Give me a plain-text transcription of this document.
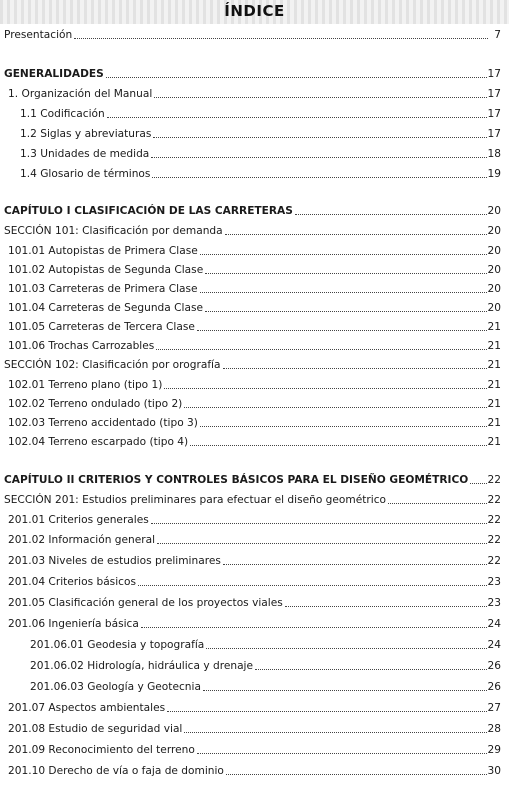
ÍNDICE
Presentación	7
GENERALIDADES	17
1. Organización del Manual	17
1.1 Codificación	17
1.2 Siglas y abreviaturas	17
1.3 Unidades de medida	18
1.4 Glosario de términos	19
CAPÍTULO I CLASIFICACIÓN DE LAS CARRETERAS	20
SECCIÓN 101: Clasificación por demanda	20
101.01 Autopistas de Primera Clase	20
101.02 Autopistas de Segunda Clase	20
101.03 Carreteras de Primera Clase	20
101.04 Carreteras de Segunda Clase	20
101.05 Carreteras de Tercera Clase	21
101.06 Trochas Carrozables	21
SECCIÓN 102: Clasificación por orografía	21
102.01 Terreno plano (tipo 1)	21
102.02 Terreno ondulado (tipo 2)	21
102.03 Terreno accidentado (tipo 3)	21
102.04 Terreno escarpado (tipo 4)	21
CAPÍTULO II CRITERIOS Y CONTROLES BÁSICOS PARA EL DISEÑO GEOMÉTRICO 22
SECCIÓN 201: Estudios preliminares para efectuar el diseño geométrico	22
201.01 Criterios generales	22
201.02 Información general	22
201.03 Niveles de estudios preliminares	22
201.04 Criterios básicos	23
201.05 Clasificación general de los proyectos viales	23
201.06 Ingeniería básica	24
201.06.01 Geodesia y topografía	24
201.06.02 Hidrología, hidráulica y drenaje	26
201.06.03 Geología y Geotecnia	26
201.07 Aspectos ambientales	27
201.08 Estudio de seguridad vial	28
201.09 Reconocimiento del terreno	29
201.10 Derecho de vía o faja de dominio	30
